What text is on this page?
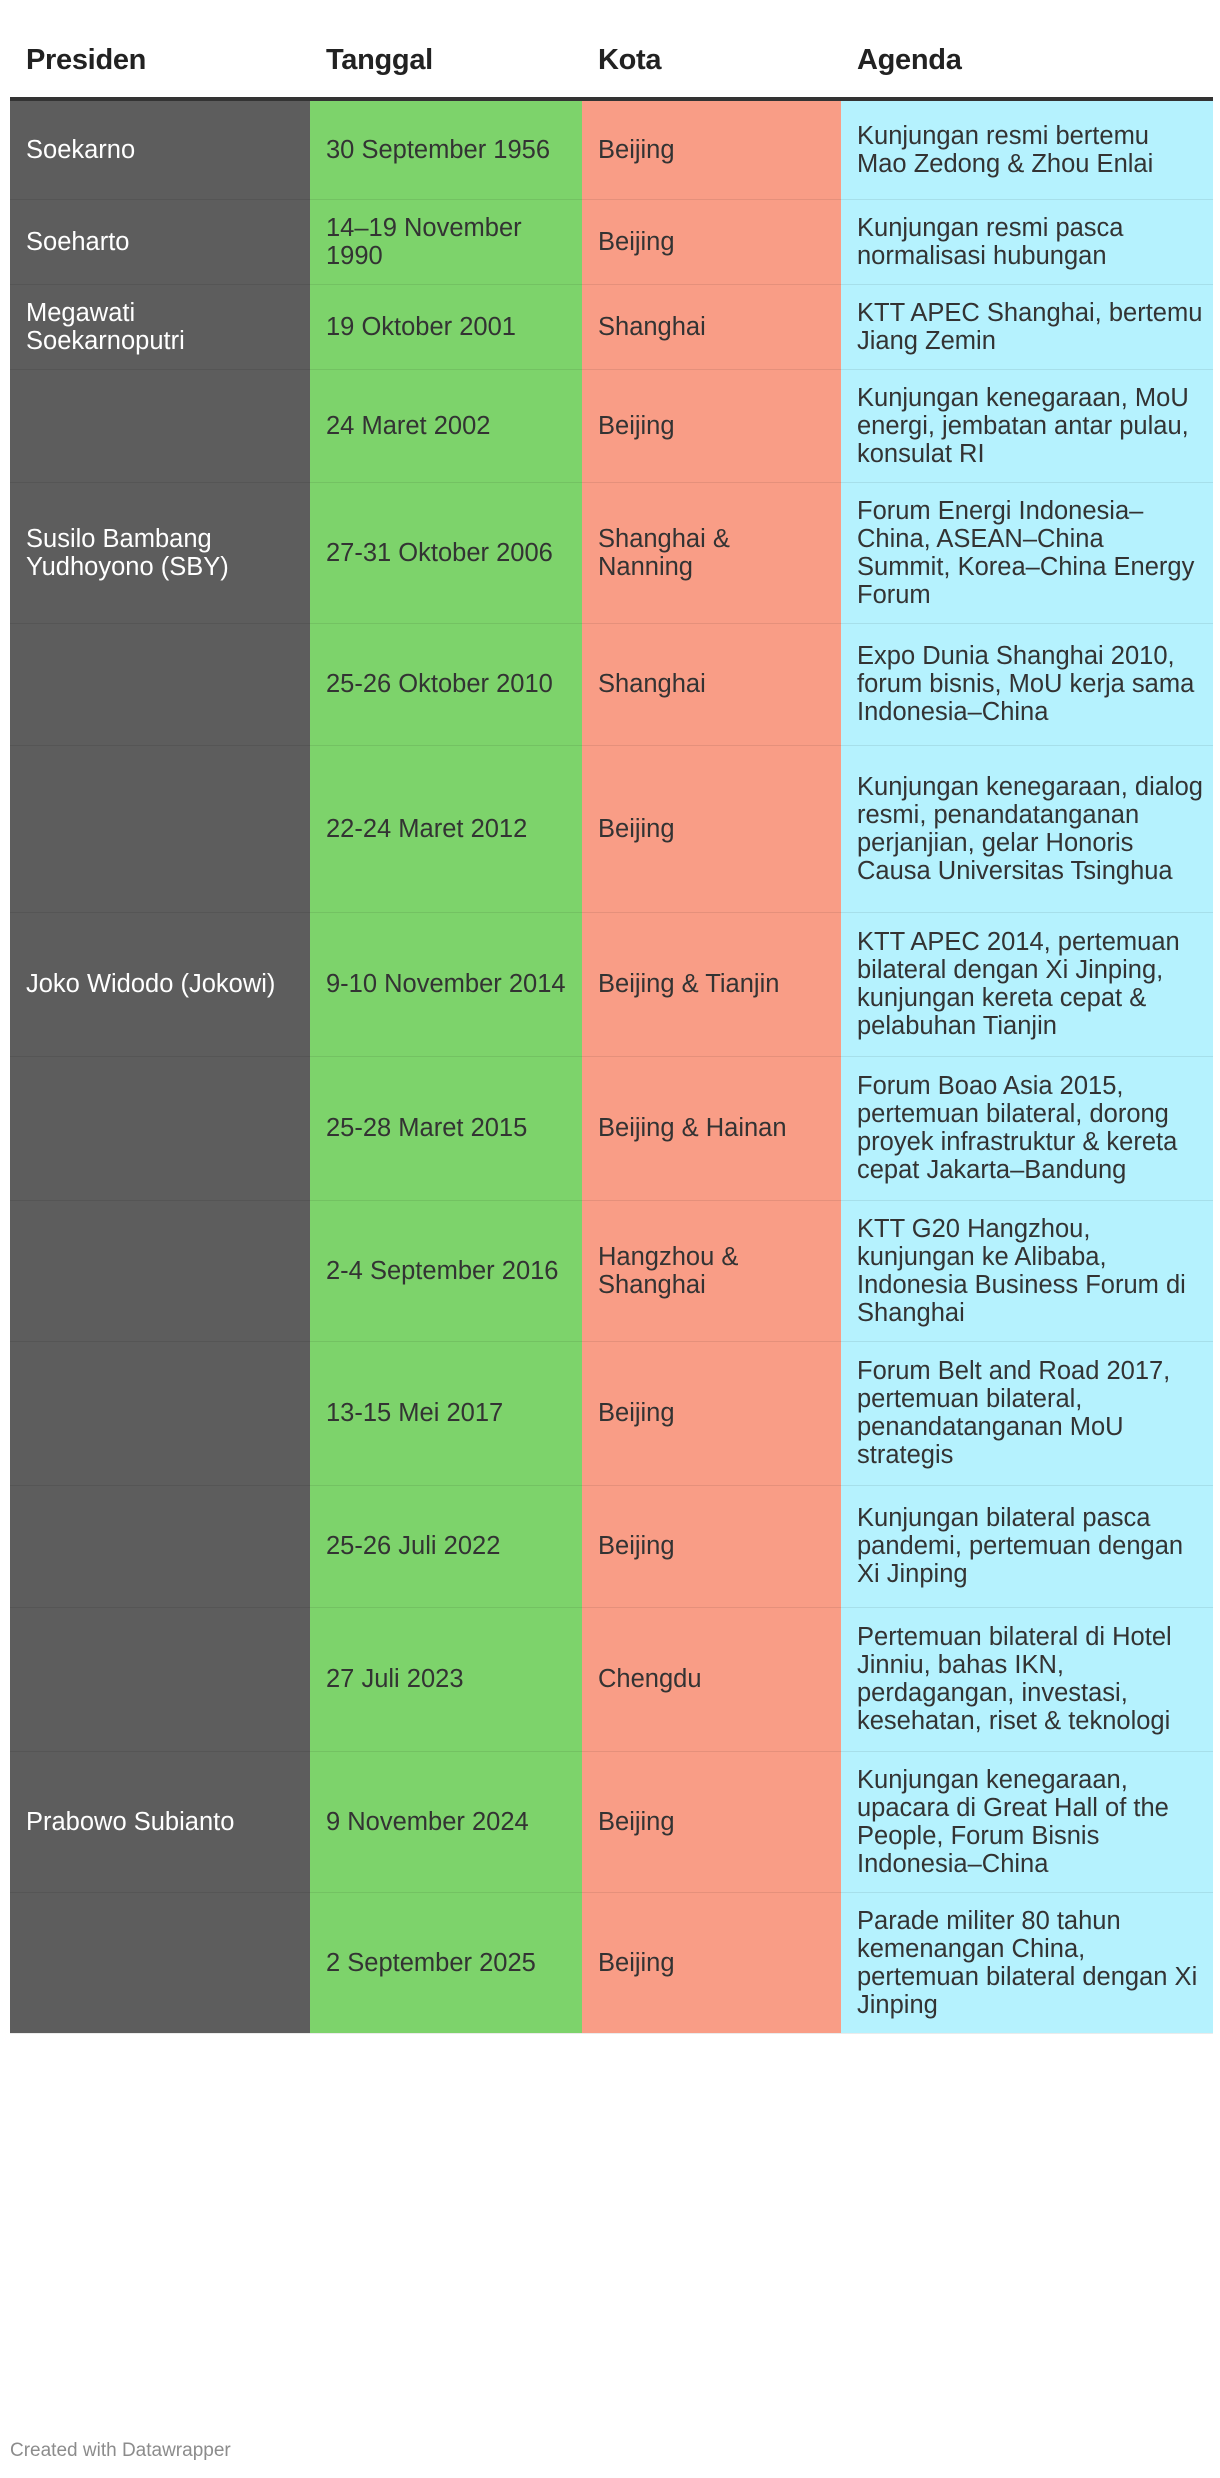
Presiden	Tanggal	Kota	Agenda
Soekarno	30 September 1956	Beijing	Kunjungan resmi bertemu Mao Zedong & Zhou Enlai
Soeharto	14–19 November 1990	Beijing	Kunjungan resmi pasca normalisasi hubungan
Megawati Soekarnoputri	19 Oktober 2001	Shanghai	KTT APEC Shanghai, bertemu Jiang Zemin
	24 Maret 2002	Beijing	Kunjungan kenegaraan, MoU energi, jembatan antar pulau, konsulat RI
Susilo Bambang Yudhoyono (SBY)	27-31 Oktober 2006	Shanghai & Nanning	Forum Energi Indonesia–China, ASEAN–China Summit, Korea–China Energy Forum
	25-26 Oktober 2010	Shanghai	Expo Dunia Shanghai 2010, forum bisnis, MoU kerja sama Indonesia–China
	22-24 Maret 2012	Beijing	Kunjungan kenegaraan, dialog resmi, penandatanganan perjanjian, gelar Honoris Causa Universitas Tsinghua
Joko Widodo (Jokowi)	9-10 November 2014	Beijing & Tianjin	KTT APEC 2014, pertemuan bilateral dengan Xi Jinping, kunjungan kereta cepat & pelabuhan Tianjin
	25-28 Maret 2015	Beijing & Hainan	Forum Boao Asia 2015, pertemuan bilateral, dorong proyek infrastruktur & kereta cepat Jakarta–Bandung
	2-4 September 2016	Hangzhou & Shanghai	KTT G20 Hangzhou, kunjungan ke Alibaba, Indonesia Business Forum di Shanghai
	13-15 Mei 2017	Beijing	Forum Belt and Road 2017, pertemuan bilateral, penandatanganan MoU strategis
	25-26 Juli 2022	Beijing	Kunjungan bilateral pasca pandemi, pertemuan dengan Xi Jinping
	27 Juli 2023	Chengdu	Pertemuan bilateral di Hotel Jinniu, bahas IKN, perdagangan, investasi, kesehatan, riset & teknologi
Prabowo Subianto	9 November 2024	Beijing	Kunjungan kenegaraan, upacara di Great Hall of the People, Forum Bisnis Indonesia–China
	2 September 2025	Beijing	Parade militer 80 tahun kemenangan China, pertemuan bilateral dengan Xi Jinping
Created with Datawrapper
